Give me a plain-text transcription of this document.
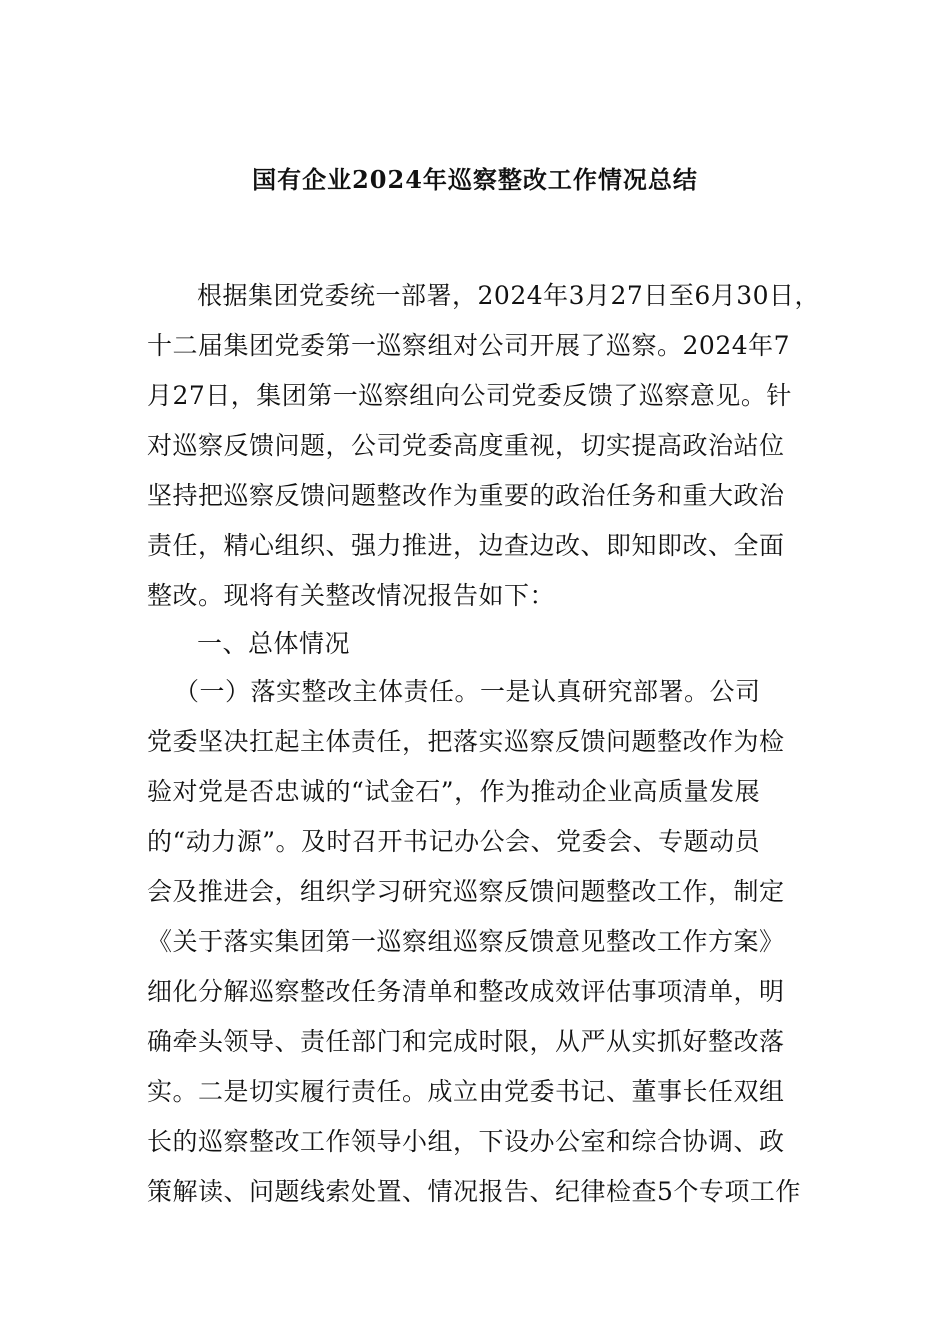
国有企业2024年巡察整改工作情况总结
根据集团党委统一部署，2024年3月27日至6月30日，
十二届集团党委第一巡察组对公司开展了巡察。2024年7
月27日，集团第一巡察组向公司党委反馈了巡察意见。针
对巡察反馈问题，公司党委高度重视，切实提高政治站位
坚持把巡察反馈问题整改作为重要的政治任务和重大政治
责任，精心组织、强力推进，边查边改、即知即改、全面
整改。现将有关整改情况报告如下：
一、总体情况
（一）落实整改主体责任。一是认真研究部署。公司
党委坚决扛起主体责任，把落实巡察反馈问题整改作为检
验对党是否忠诚的“试金石”，作为推动企业高质量发展
的“动力源”。及时召开书记办公会、党委会、专题动员
会及推进会，组织学习研究巡察反馈问题整改工作，制定
《关于落实集团第一巡察组巡察反馈意见整改工作方案》
细化分解巡察整改任务清单和整改成效评估事项清单，明
确牵头领导、责任部门和完成时限，从严从实抓好整改落
实。二是切实履行责任。成立由党委书记、董事长任双组
长的巡察整改工作领导小组，下设办公室和综合协调、政
策解读、问题线索处置、情况报告、纪律检查5个专项工作
